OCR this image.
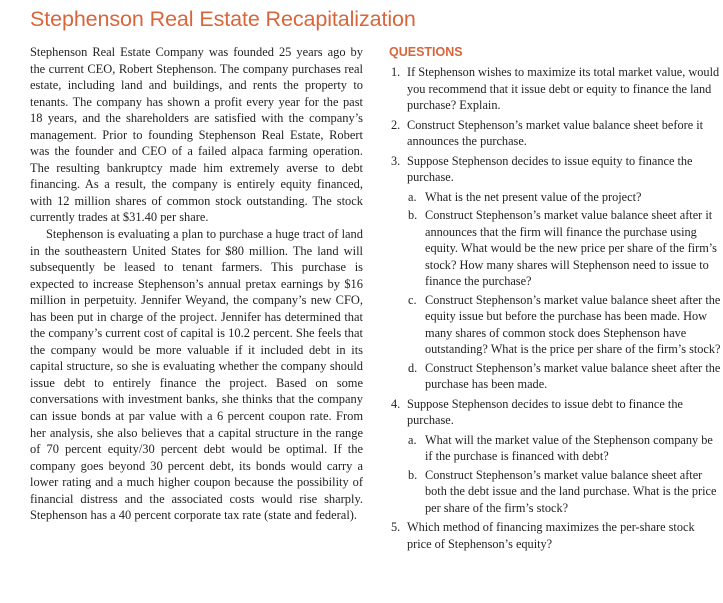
Stephenson Real Estate Recapitalization

Stephenson Real Estate Company was founded 25 years ago by the current CEO, Robert Stephenson. The company purchases real estate, including land and buildings, and rents the property to tenants. The company has shown a profit every year for the past 18 years, and the shareholders are satisfied with the company’s management. Prior to founding Stephenson Real Estate, Robert was the founder and CEO of a failed alpaca farming operation. The resulting bankruptcy made him extremely averse to debt financing. As a result, the company is entirely equity financed, with 12 million shares of common stock outstanding. The stock currently trades at $31.40 per share.

Stephenson is evaluating a plan to purchase a huge tract of land in the southeastern United States for $80 million. The land will subsequently be leased to tenant farmers. This purchase is expected to increase Stephenson’s annual pretax earnings by $16 million in perpetuity. Jennifer Weyand, the company’s new CFO, has been put in charge of the project. Jennifer has determined that the company’s current cost of capital is 10.2 percent. She feels that the company would be more valuable if it included debt in its capital structure, so she is evaluating whether the company should issue debt to entirely finance the project. Based on some conversations with investment banks, she thinks that the company can issue bonds at par value with a 6 percent coupon rate. From her analysis, she also believes that a capital structure in the range of 70 percent equity/30 percent debt would be optimal. If the company goes beyond 30 percent debt, its bonds would carry a lower rating and a much higher coupon because the possibility of financial distress and the associated costs would rise sharply. Stephenson has a 40 percent corporate tax rate (state and federal).

QUESTIONS
1. If Stephenson wishes to maximize its total market value, would you recommend that it issue debt or equity to finance the land purchase? Explain.
2. Construct Stephenson’s market value balance sheet before it announces the purchase.
3. Suppose Stephenson decides to issue equity to finance the purchase.
a. What is the net present value of the project?
b. Construct Stephenson’s market value balance sheet after it announces that the firm will finance the purchase using equity. What would be the new price per share of the firm’s stock? How many shares will Stephenson need to issue to finance the purchase?
c. Construct Stephenson’s market value balance sheet after the equity issue but before the purchase has been made. How many shares of common stock does Stephenson have outstanding? What is the price per share of the firm’s stock?
d. Construct Stephenson’s market value balance sheet after the purchase has been made.
4. Suppose Stephenson decides to issue debt to finance the purchase.
a. What will the market value of the Stephenson company be if the purchase is financed with debt?
b. Construct Stephenson’s market value balance sheet after both the debt issue and the land purchase. What is the price per share of the firm’s stock?
5. Which method of financing maximizes the per-share stock price of Stephenson’s equity?
